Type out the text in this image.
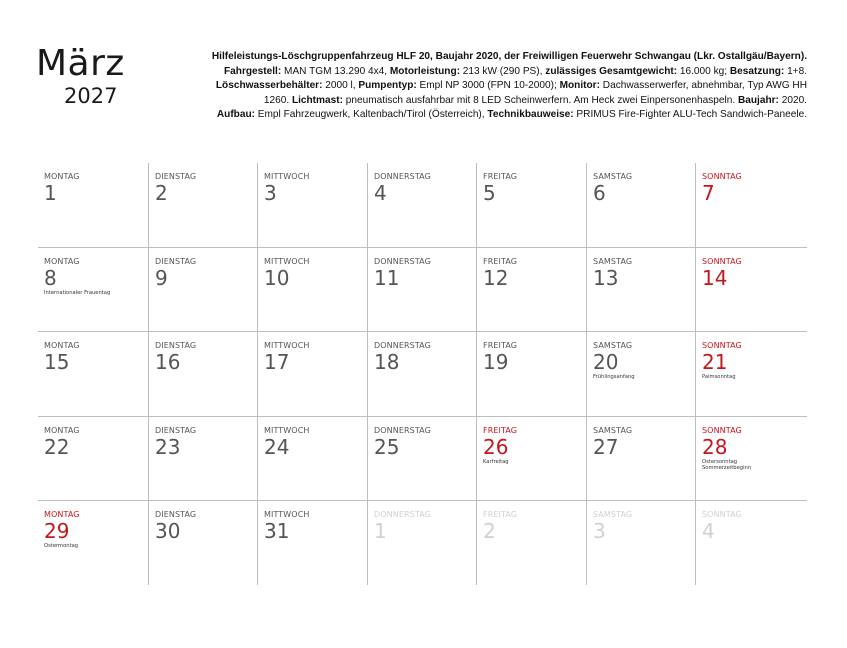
März
2027
Hilfeleistungs-Löschgruppenfahrzeug HLF 20, Baujahr 2020, der Freiwilligen Feuerwehr Schwangau (Lkr. Ostallgäu/Bayern).
Fahrgestell: MAN TGM 13.290 4x4, Motorleistung: 213 kW (290 PS), zulässiges Gesamtgewicht: 16.000 kg; Besatzung: 1+8.
Löschwasserbehälter: 2000 l, Pumpentyp: Empl NP 3000 (FPN 10-2000); Monitor: Dachwasserwerfer, abnehmbar, Typ AWG HH
1260. Lichtmast: pneumatisch ausfahrbar mit 8 LED Scheinwerfern. Am Heck zwei Einpersonenhaspeln. Baujahr: 2020.
Aufbau: Empl Fahrzeugwerk, Kaltenbach/Tirol (Österreich), Technikbauweise: PRIMUS Fire-Fighter ALU-Tech Sandwich-Paneele.
MONTAG
1
DIENSTAG
2
MITTWOCH
3
DONNERSTAG
4
FREITAG
5
SAMSTAG
6
SONNTAG
7
MONTAG
8
Internationaler Frauentag
DIENSTAG
9
MITTWOCH
10
DONNERSTAG
11
FREITAG
12
SAMSTAG
13
SONNTAG
14
MONTAG
15
DIENSTAG
16
MITTWOCH
17
DONNERSTAG
18
FREITAG
19
SAMSTAG
20
Frühlingsanfang
SONNTAG
21
Palmsonntag
MONTAG
22
DIENSTAG
23
MITTWOCH
24
DONNERSTAG
25
FREITAG
26
Karfreitag
SAMSTAG
27
SONNTAG
28
Ostersonntag
Sommerzeitbeginn
MONTAG
29
Ostermontag
DIENSTAG
30
MITTWOCH
31
DONNERSTAG
1
FREITAG
2
SAMSTAG
3
SONNTAG
4
